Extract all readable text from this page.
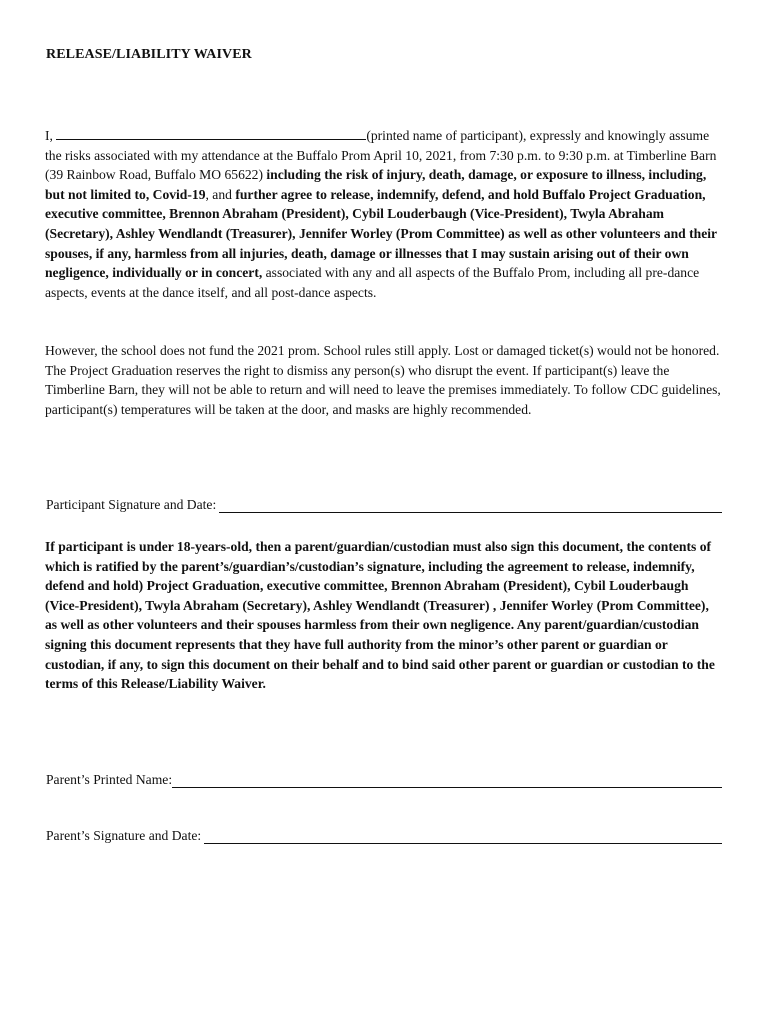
RELEASE/LIABILITY WAIVER

I,	(printed name of participant), expressly and knowingly assume the risks associated with my attendance at the Buffalo Prom April 10, 2021, from 7:30 p.m. to 9:30 p.m. at Timberline Barn (39 Rainbow Road, Buffalo MO 65622) including the risk of injury, death, damage, or exposure to illness, including, but not limited to, Covid-19, and further agree to release, indemnify, defend, and hold Buffalo Project Graduation, executive committee, Brennon Abraham (President), Cybil Louderbaugh (Vice-President), Twyla Abraham (Secretary), Ashley Wendlandt (Treasurer), Jennifer Worley (Prom Committee) as well as other volunteers and their spouses, if any, harmless from all injuries, death, damage or illnesses that I may sustain arising out of their own negligence, individually or in concert, associated with any and all aspects of the Buffalo Prom, including all pre-dance aspects, events at the dance itself, and all post-dance aspects.

However, the school does not fund the 2021 prom. School rules still apply. Lost or damaged ticket(s) would not be honored. The Project Graduation reserves the right to dismiss any person(s) who disrupt the event. If participant(s) leave the Timberline Barn, they will not be able to return and will need to leave the premises immediately. To follow CDC guidelines, participant(s) temperatures will be taken at the door, and masks are highly recommended.

Participant Signature and Date:

If participant is under 18-years-old, then a parent/guardian/custodian must also sign this document, the contents of which is ratified by the parent’s/guardian’s/custodian’s signature, including the agreement to release, indemnify, defend and hold) Project Graduation, executive committee, Brennon Abraham (President), Cybil Louderbaugh (Vice-President), Twyla Abraham (Secretary), Ashley Wendlandt (Treasurer) , Jennifer Worley (Prom Committee), as well as other volunteers and their spouses harmless from their own negligence. Any parent/guardian/custodian signing this document represents that they have full authority from the minor’s other parent or guardian or custodian, if any, to sign this document on their behalf and to bind said other parent or guardian or custodian to the terms of this Release/Liability Waiver.

Parent’s Printed Name:
Parent’s Signature and Date:
